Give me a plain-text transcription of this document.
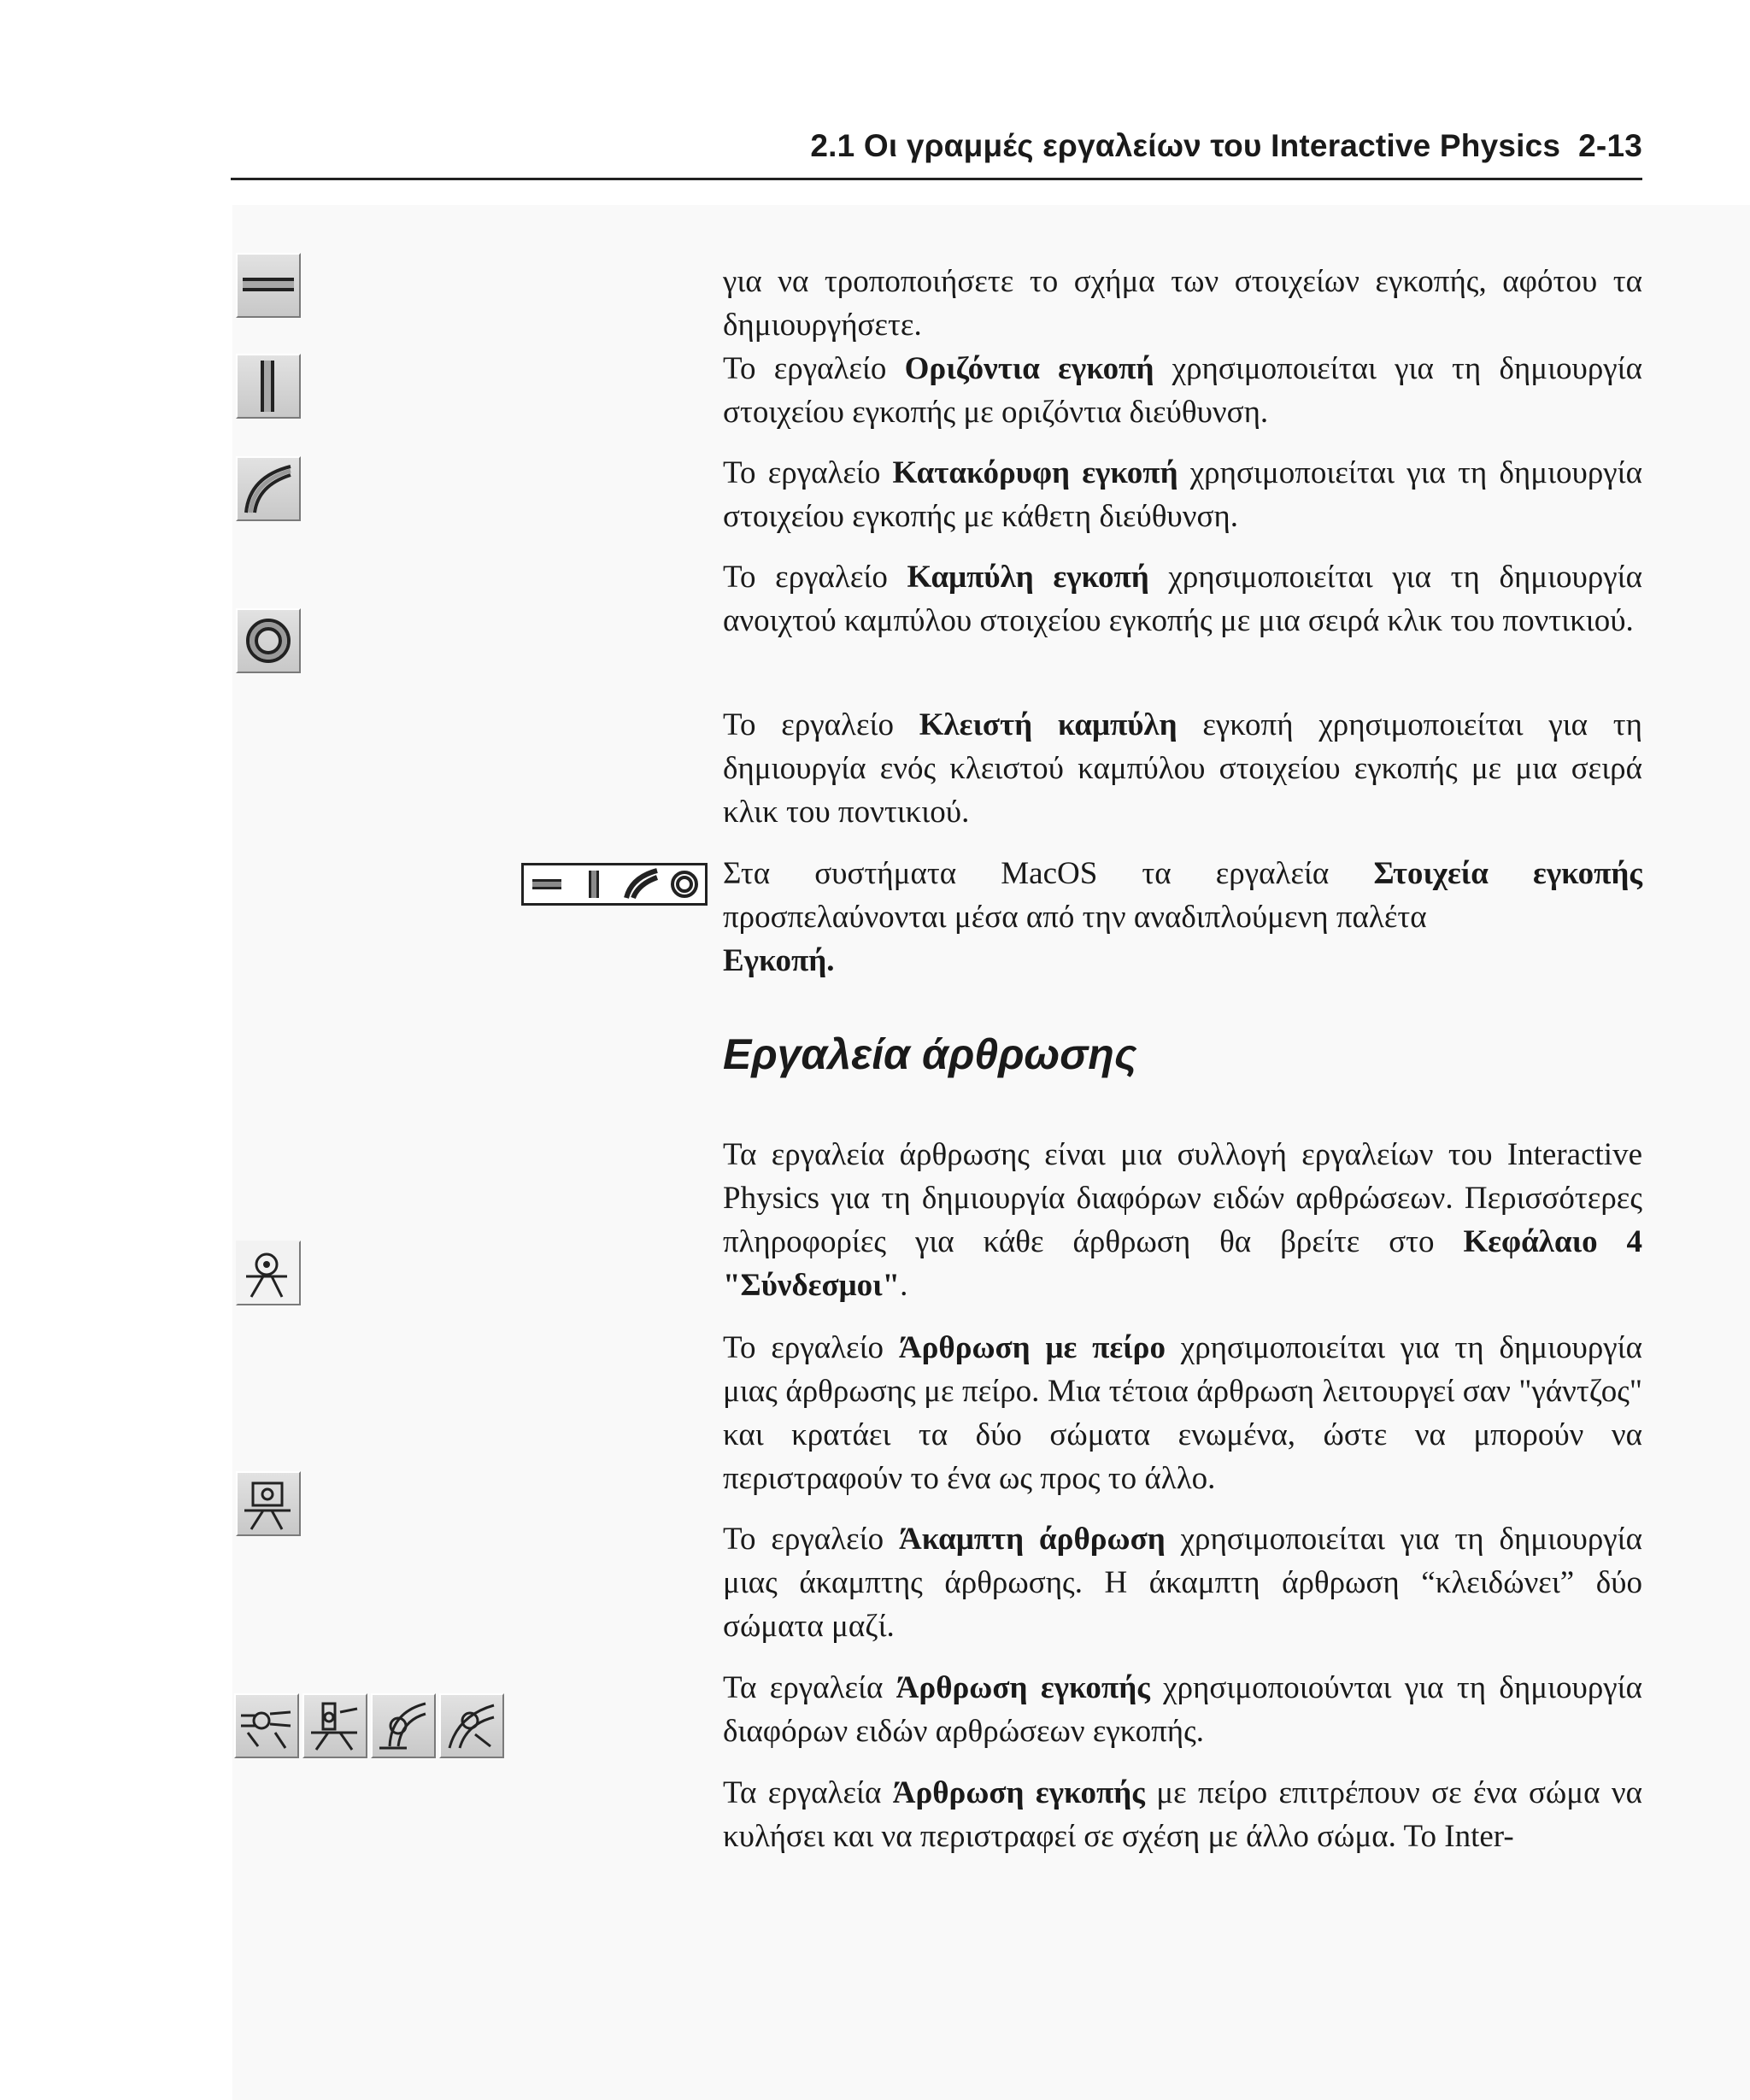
2.1 Οι γραμμές εργαλείων του Interactive Physics 2-13
για να τροποποιήσετε το σχήμα των στοιχείων εγκοπής, αφότου τα δημιουργήσετε.
Το εργαλείο Οριζόντια εγκοπή χρησιμοποιείται για τη δημιουργία στοιχείου εγκοπής με οριζόντια διεύθυνση.
Το εργαλείο Κατακόρυφη εγκοπή χρησιμοποιείται για τη δημιουργία στοιχείου εγκοπής με κάθετη διεύθυνση.
Το εργαλείο Καμπύλη εγκοπή χρησιμοποιείται για τη δημιουργία ανοιχτού καμπύλου στοιχείου εγκοπής με μια σειρά κλικ του ποντικιού.
Το εργαλείο Κλειστή καμπύλη εγκοπή χρησιμοποιείται για τη δημιουργία ενός κλειστού καμπύλου στοιχείου εγκοπής με μια σειρά κλικ του ποντικιού.
Στα συστήματα MacOS τα εργαλεία Στοιχεία εγκοπής προσπελαύνονται μέσα από την αναδιπλούμενη παλέτα
Εγκοπή.
Εργαλεία άρθρωσης
Τα εργαλεία άρθρωσης είναι μια συλλογή εργαλείων του Interactive Physics για τη δημιουργία διαφόρων ειδών αρθρώσεων. Περισσότερες πληροφορίες για κάθε άρθρωση θα βρείτε στο Κεφάλαιο 4 "Σύνδεσμοι".
Το εργαλείο Άρθρωση με πείρο χρησιμοποιείται για τη δημιουργία μιας άρθρωσης με πείρο. Μια τέτοια άρθρωση λειτουργεί σαν "γάντζος" και κρατάει τα δύο σώματα ενωμένα, ώστε να μπορούν να περιστραφούν το ένα ως προς το άλλο.
Το εργαλείο Άκαμπτη άρθρωση χρησιμοποιείται για τη δημιουργία μιας άκαμπτης άρθρωσης. Η άκαμπτη άρθρωση “κλειδώνει” δύο σώματα μαζί.
Τα εργαλεία Άρθρωση εγκοπής χρησιμοποιούνται για τη δημιουργία διαφόρων ειδών αρθρώσεων εγκοπής.
Τα εργαλεία Άρθρωση εγκοπής με πείρο επιτρέπουν σε ένα σώμα να κυλήσει και να περιστραφεί σε σχέση με άλλο σώμα. Το Inter-
